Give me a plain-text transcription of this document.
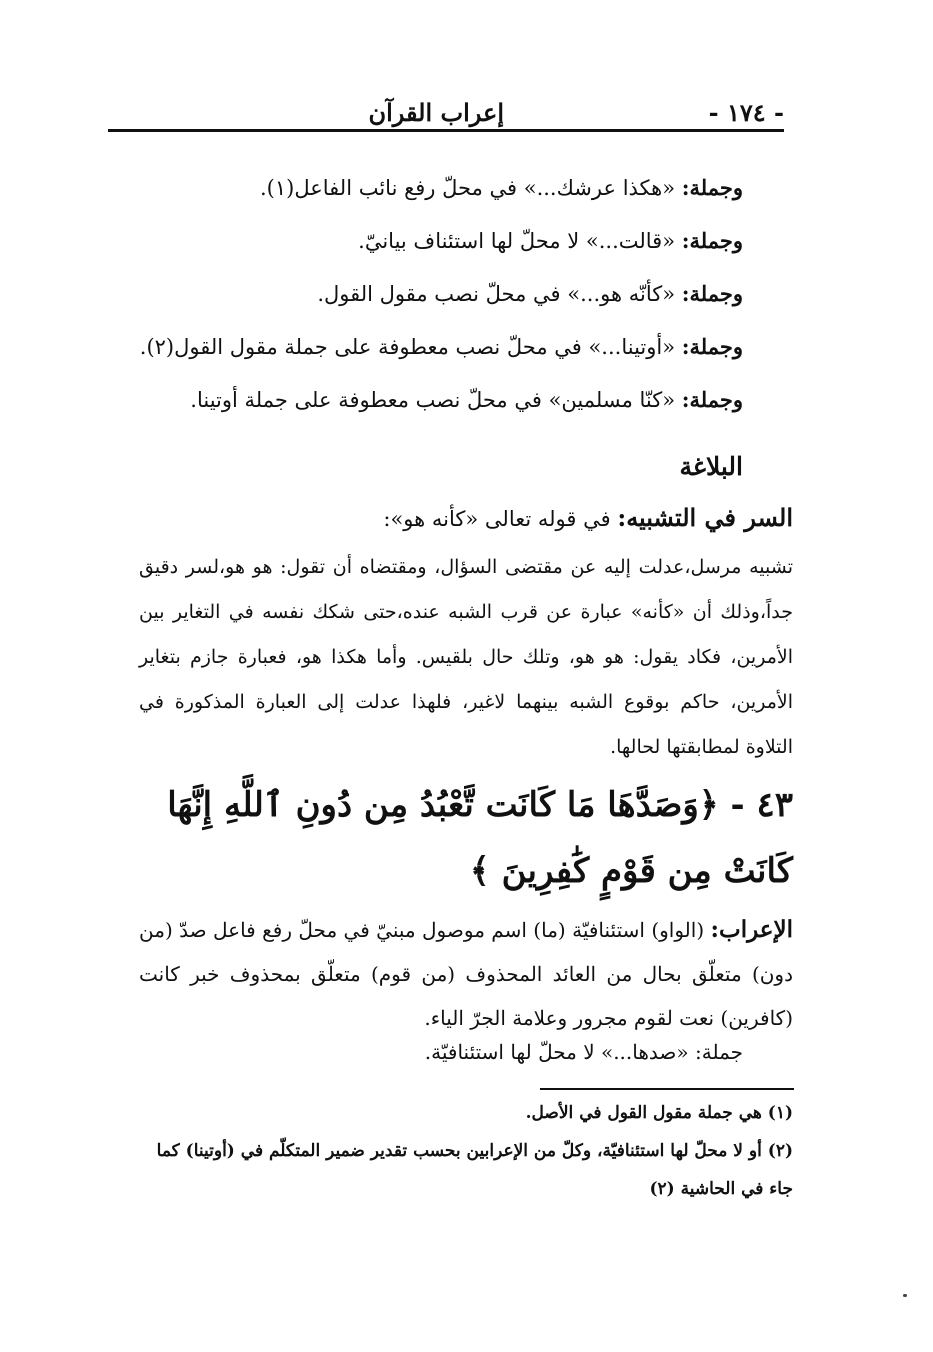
- ١٧٤ -
إعراب القرآن
وجملة: «هكذا عرشك...» في محلّ رفع نائب الفاعل(١).
وجملة: «قالت...» لا محلّ لها استئناف بيانيّ.
وجملة: «كأنّه هو...» في محلّ نصب مقول القول.
وجملة: «أوتينا...» في محلّ نصب معطوفة على جملة مقول القول(٢).
وجملة: «كنّا مسلمين» في محلّ نصب معطوفة على جملة أوتينا.
البلاغة
السر في التشبيه: في قوله تعالى «كأنه هو»:
تشبيه مرسل،عدلت إليه عن مقتضى السؤال، ومقتضاه أن تقول: هو هو،لسر دقيق جداً،وذلك أن «كأنه» عبارة عن قرب الشبه عنده،حتى شكك نفسه في التغاير بين الأمرين، فكاد يقول: هو هو، وتلك حال بلقيس. وأما هكذا هو، فعبارة جازم بتغاير الأمرين، حاكم بوقوع الشبه بينهما لاغير، فلهذا عدلت إلى العبارة المذكورة في التلاوة لمطابقتها لحالها.
٤٣ - ﴿وَصَدَّهَا مَا كَانَت تَّعْبُدُ مِن دُونِ ٱللَّهِ إِنَّهَا كَانَتْ مِن قَوْمٍ كَٰفِرِينَ ﴾
الإعراب: (الواو) استئنافيّة (ما) اسم موصول مبنيّ في محلّ رفع فاعل صدّ (من دون) متعلّق بحال من العائد المحذوف (من قوم) متعلّق بمحذوف خبر كانت (كافرين) نعت لقوم مجرور وعلامة الجرّ الياء.
جملة: «صدها...» لا محلّ لها استئنافيّة.
(١) هي جملة مقول القول في الأصل.
(٢) أو لا محلّ لها استئنافيّة، وكلّ من الإعرابين بحسب تقدير ضمير المتكلّم في (أوتينا) كما جاء في الحاشية (٢)
